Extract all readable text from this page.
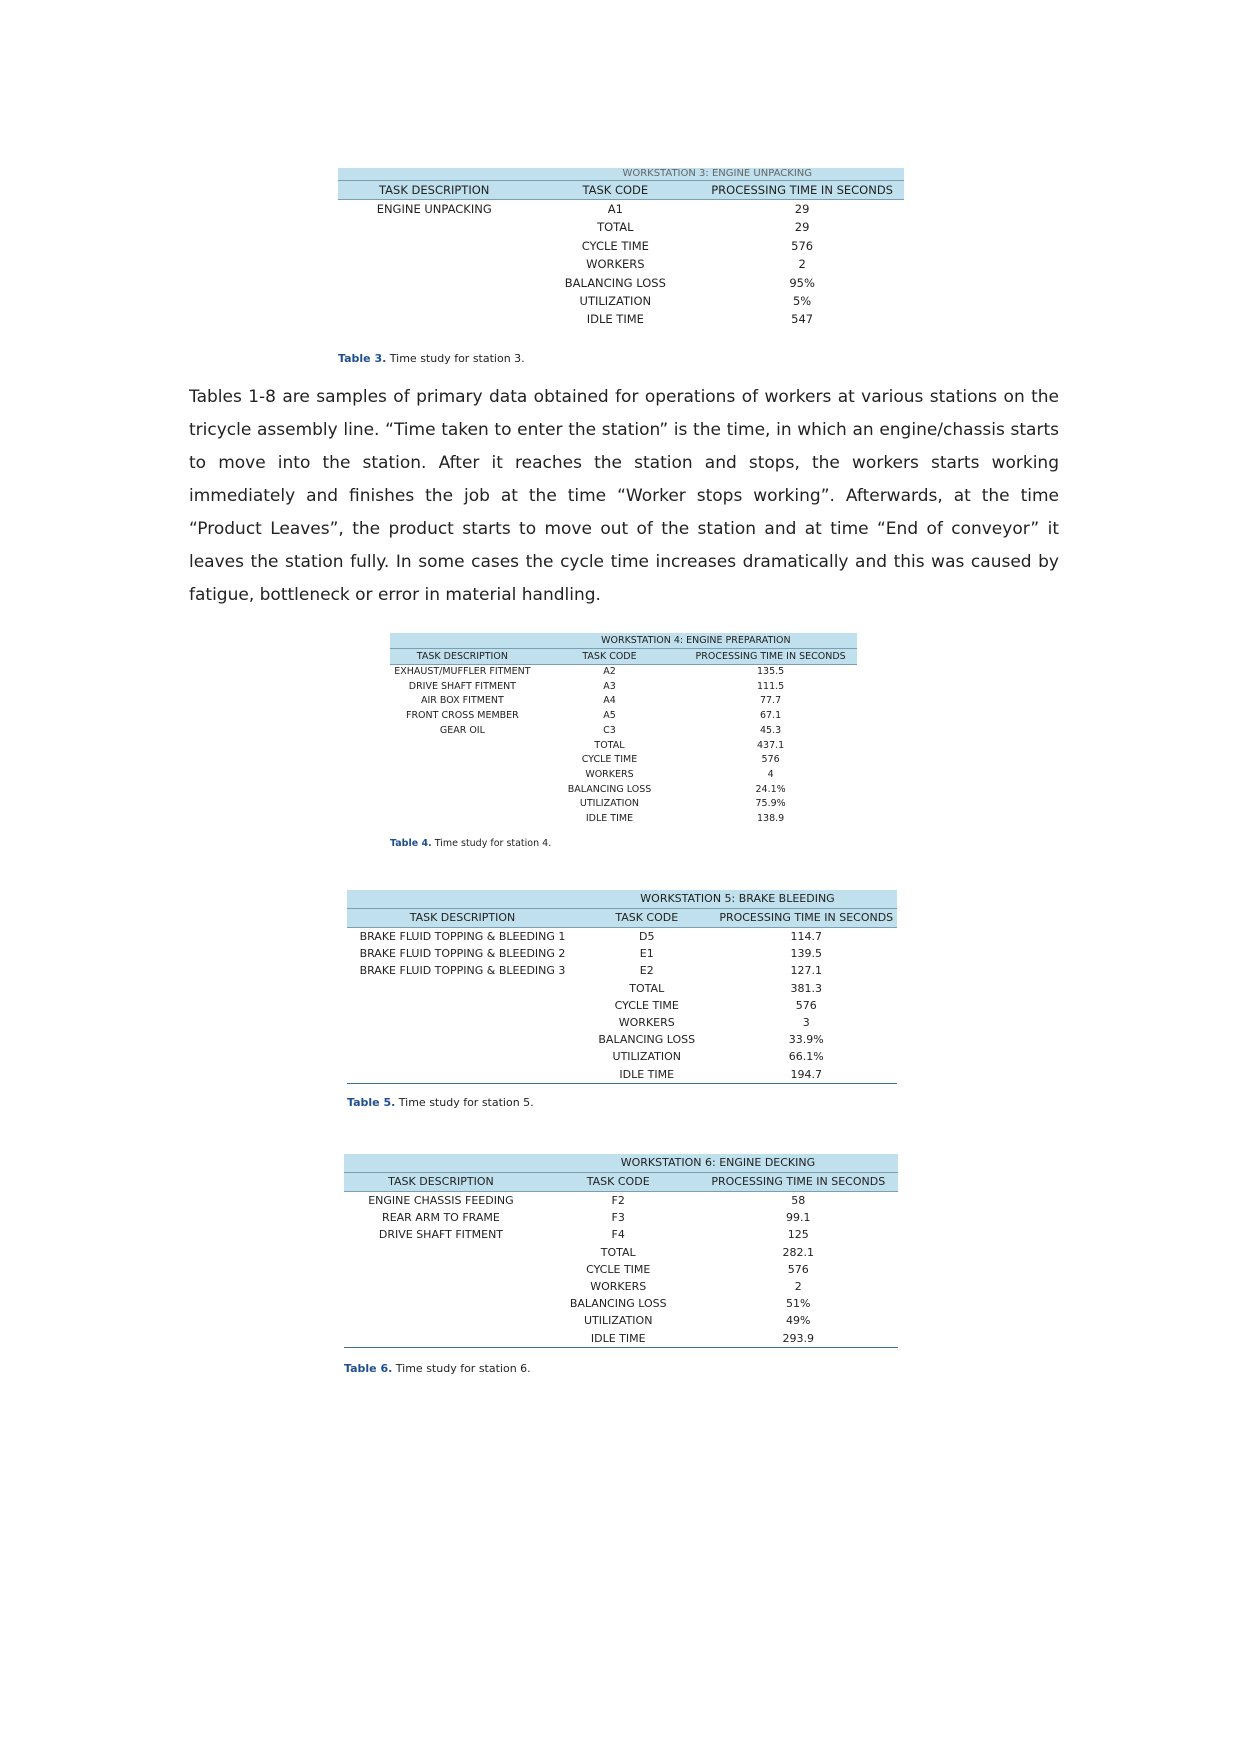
	WORKSTATION 3: ENGINE UNPACKING	
TASK DESCRIPTION	TASK CODE	PROCESSING TIME IN SECONDS
ENGINE UNPACKING	A1	29
	TOTAL	29
	CYCLE TIME	576
	WORKERS	2
	BALANCING LOSS	95%
	UTILIZATION	5%
	IDLE TIME	547
Table 3. Time study for station 3.

Tables 1-8 are samples of primary data obtained for operations of workers at various stations on the tricycle assembly line. “Time taken to enter the station” is the time, in which an engine/chassis starts to move into the station. After it reaches the station and stops, the workers starts working immediately and finishes the job at the time “Worker stops working”. Afterwards, at the time “Product Leaves”, the product starts to move out of the station and at time “End of conveyor” it leaves the station fully. In some cases the cycle time increases dramatically and this was caused by fatigue, bottleneck or error in material handling.

	WORKSTATION 4: ENGINE PREPARATION	
TASK DESCRIPTION	TASK CODE	PROCESSING TIME IN SECONDS
EXHAUST/MUFFLER FITMENT	A2	135.5
DRIVE SHAFT FITMENT	A3	111.5
AIR BOX FITMENT	A4	77.7
FRONT CROSS MEMBER	A5	67.1
GEAR OIL	C3	45.3
	TOTAL	437.1
	CYCLE TIME	576
	WORKERS	4
	BALANCING LOSS	24.1%
	UTILIZATION	75.9%
	IDLE TIME	138.9
Table 4. Time study for station 4.
	WORKSTATION 5: BRAKE BLEEDING	
TASK DESCRIPTION	TASK CODE	PROCESSING TIME IN SECONDS
BRAKE FLUID TOPPING & BLEEDING 1	D5	114.7
BRAKE FLUID TOPPING & BLEEDING 2	E1	139.5
BRAKE FLUID TOPPING & BLEEDING 3	E2	127.1
	TOTAL	381.3
	CYCLE TIME	576
	WORKERS	3
	BALANCING LOSS	33.9%
	UTILIZATION	66.1%
	IDLE TIME	194.7
Table 5. Time study for station 5.
	WORKSTATION 6: ENGINE DECKING	
TASK DESCRIPTION	TASK CODE	PROCESSING TIME IN SECONDS
ENGINE CHASSIS FEEDING	F2	58
REAR ARM TO FRAME	F3	99.1
DRIVE SHAFT FITMENT	F4	125
	TOTAL	282.1
	CYCLE TIME	576
	WORKERS	2
	BALANCING LOSS	51%
	UTILIZATION	49%
	IDLE TIME	293.9
Table 6. Time study for station 6.
